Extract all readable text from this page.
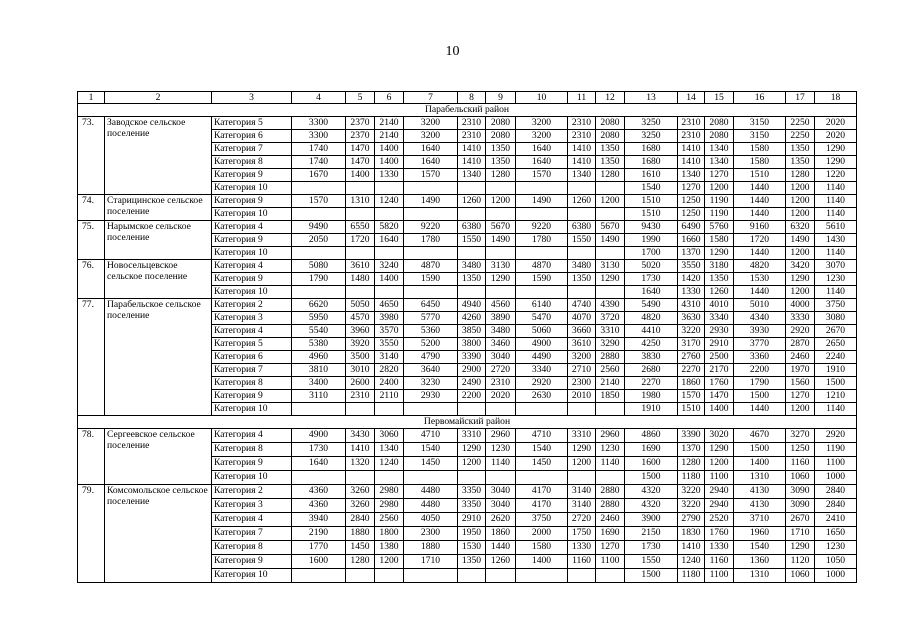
10
1	2	3	4	5	6	7	8	9	10	11	12	13	14	15	16	17	18
Парабельский район																	
73.	Заводское сельское поселение	Категория 5	3300	2370	2140	3200	2310	2080	3200	2310	2080	3250	2310	2080	3150	2250	2020
		Категория 6	3300	2370	2140	3200	2310	2080	3200	2310	2080	3250	2310	2080	3150	2250	2020
		Категория 7	1740	1470	1400	1640	1410	1350	1640	1410	1350	1680	1410	1340	1580	1350	1290
		Категория 8	1740	1470	1400	1640	1410	1350	1640	1410	1350	1680	1410	1340	1580	1350	1290
		Категория 9	1670	1400	1330	1570	1340	1280	1570	1340	1280	1610	1340	1270	1510	1280	1220
		Категория 10										1540	1270	1200	1440	1200	1140
74.	Старицинское сельское поселение	Категория 9	1570	1310	1240	1490	1260	1200	1490	1260	1200	1510	1250	1190	1440	1200	1140
		Категория 10										1510	1250	1190	1440	1200	1140
75.	Нарымское сельское поселение	Категория 4	9490	6550	5820	9220	6380	5670	9220	6380	5670	9430	6490	5760	9160	6320	5610
		Категория 9	2050	1720	1640	1780	1550	1490	1780	1550	1490	1990	1660	1580	1720	1490	1430
		Категория 10										1700	1370	1290	1440	1200	1140
76.	Новосельцевское сельское поселение	Категория 4	5080	3610	3240	4870	3480	3130	4870	3480	3130	5020	3550	3180	4820	3420	3070
		Категория 9	1790	1480	1400	1590	1350	1290	1590	1350	1290	1730	1420	1350	1530	1290	1230
		Категория 10										1640	1330	1260	1440	1200	1140
77.	Парабельское сельское поселение	Категория 2	6620	5050	4650	6450	4940	4560	6140	4740	4390	5490	4310	4010	5010	4000	3750
		Категория 3	5950	4570	3980	5770	4260	3890	5470	4070	3720	4820	3630	3340	4340	3330	3080
		Категория 4	5540	3960	3570	5360	3850	3480	5060	3660	3310	4410	3220	2930	3930	2920	2670
		Категория 5	5380	3920	3550	5200	3800	3460	4900	3610	3290	4250	3170	2910	3770	2870	2650
		Категория 6	4960	3500	3140	4790	3390	3040	4490	3200	2880	3830	2760	2500	3360	2460	2240
		Категория 7	3810	3010	2820	3640	2900	2720	3340	2710	2560	2680	2270	2170	2200	1970	1910
		Категория 8	3400	2600	2400	3230	2490	2310	2920	2300	2140	2270	1860	1760	1790	1560	1500
		Категория 9	3110	2310	2110	2930	2200	2020	2630	2010	1850	1980	1570	1470	1500	1270	1210
		Категория 10										1910	1510	1400	1440	1200	1140
Первомайский район																	
78.	Сергеевское сельское поселение	Категория 4	4900	3430	3060	4710	3310	2960	4710	3310	2960	4860	3390	3020	4670	3270	2920
		Категория 8	1730	1410	1340	1540	1290	1230	1540	1290	1230	1690	1370	1290	1500	1250	1190
		Категория 9	1640	1320	1240	1450	1200	1140	1450	1200	1140	1600	1280	1200	1400	1160	1100
		Категория 10										1500	1180	1100	1310	1060	1000
79.	Комсомольское сельское поселение	Категория 2	4360	3260	2980	4480	3350	3040	4170	3140	2880	4320	3220	2940	4130	3090	2840
		Категория 3	4360	3260	2980	4480	3350	3040	4170	3140	2880	4320	3220	2940	4130	3090	2840
		Категория 4	3940	2840	2560	4050	2910	2620	3750	2720	2460	3900	2790	2520	3710	2670	2410
		Категория 7	2190	1880	1800	2300	1950	1860	2000	1750	1690	2150	1830	1760	1960	1710	1650
		Категория 8	1770	1450	1380	1880	1530	1440	1580	1330	1270	1730	1410	1330	1540	1290	1230
		Категория 9	1600	1280	1200	1710	1350	1260	1400	1160	1100	1550	1240	1160	1360	1120	1050
		Категория 10										1500	1180	1100	1310	1060	1000
